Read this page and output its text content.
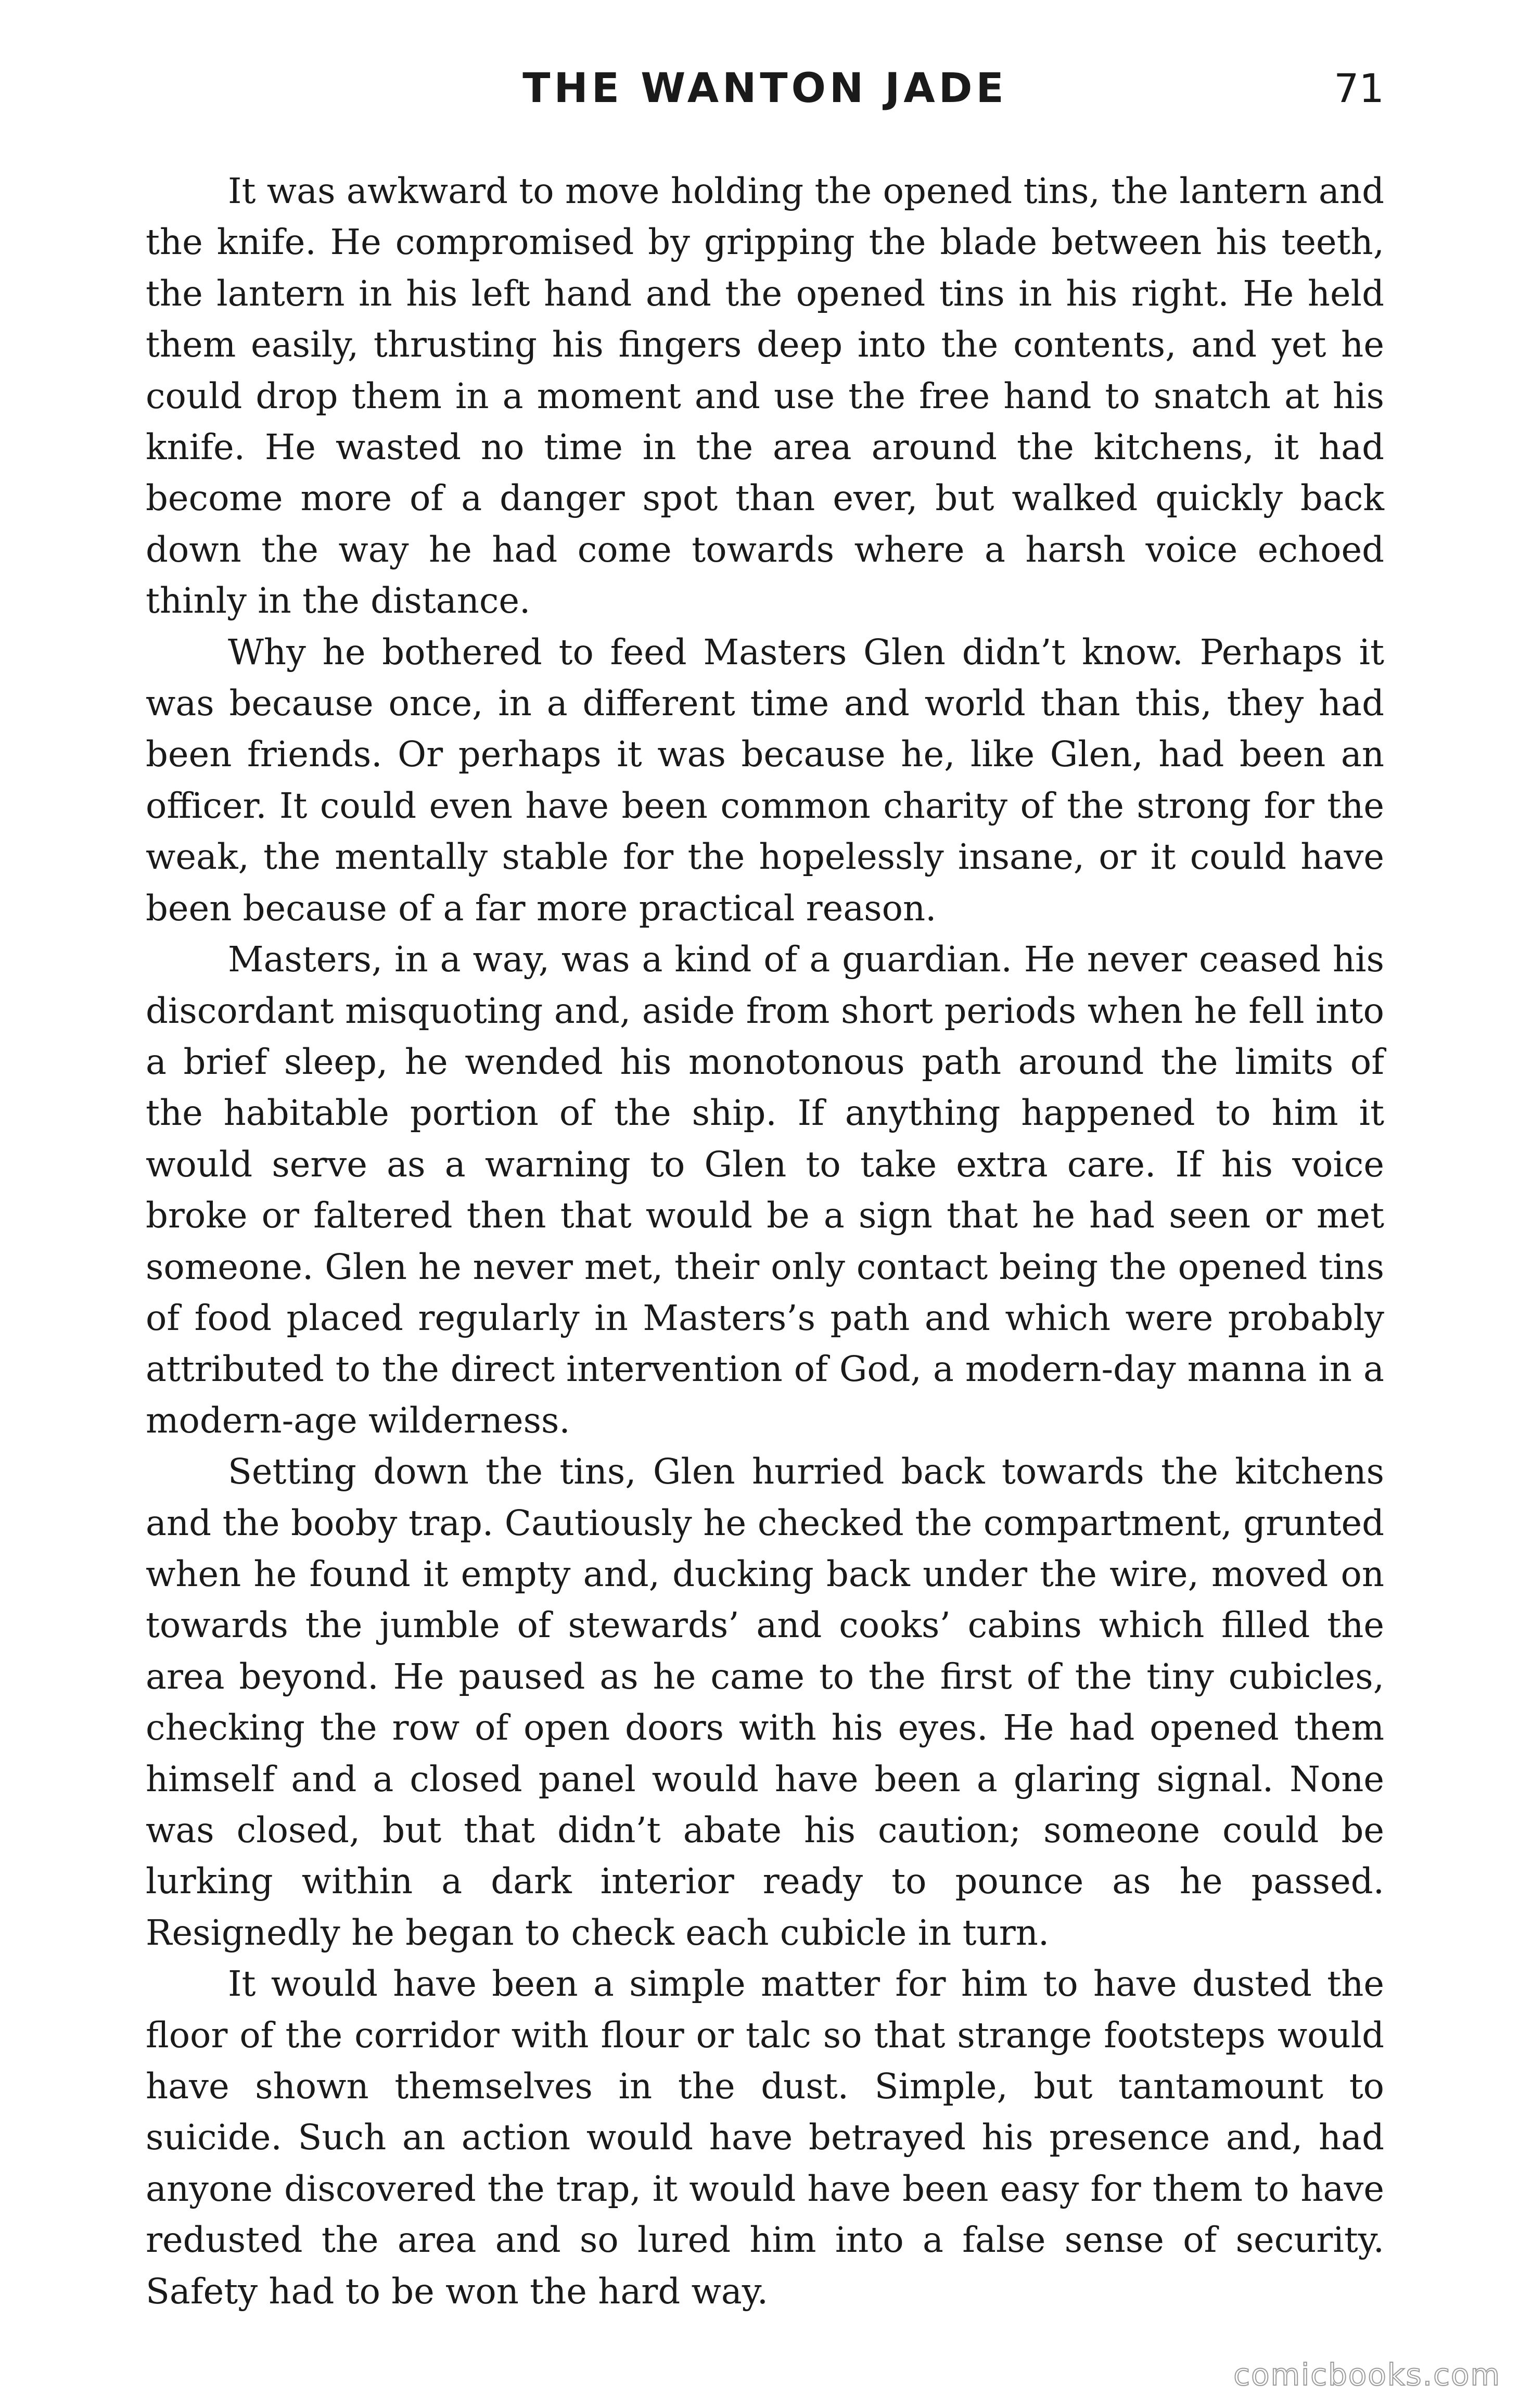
THE WANTON JADE	71

It was awkward to move holding the opened tins, the lantern and the knife. He compromised by gripping the blade between his teeth, the lantern in his left hand and the opened tins in his right. He held them easily, thrusting his fingers deep into the contents, and yet he could drop them in a moment and use the free hand to snatch at his knife. He wasted no time in the area around the kitchens, it had become more of a danger spot than ever, but walked quickly back down the way he had come towards where a harsh voice echoed thinly in the distance.

Why he bothered to feed Masters Glen didn’t know. Perhaps it was because once, in a different time and world than this, they had been friends. Or perhaps it was because he, like Glen, had been an officer. It could even have been common charity of the strong for the weak, the mentally stable for the hopelessly insane, or it could have been because of a far more practical reason.

Masters, in a way, was a kind of a guardian. He never ceased his discordant misquoting and, aside from short periods when he fell into a brief sleep, he wended his monotonous path around the limits of the habitable portion of the ship. If anything happened to him it would serve as a warning to Glen to take extra care. If his voice broke or faltered then that would be a sign that he had seen or met someone. Glen he never met, their only contact being the opened tins of food placed regularly in Masters’s path and which were probably attributed to the direct intervention of God, a modern-day manna in a modern-age wilderness.

Setting down the tins, Glen hurried back towards the kitchens and the booby trap. Cautiously he checked the compartment, grunted when he found it empty and, ducking back under the wire, moved on towards the jumble of stewards’ and cooks’ cabins which filled the area beyond. He paused as he came to the first of the tiny cubicles, checking the row of open doors with his eyes. He had opened them himself and a closed panel would have been a glaring signal. None was closed, but that didn’t abate his caution; someone could be lurking within a dark interior ready to pounce as he passed. Resignedly he began to check each cubicle in turn.

It would have been a simple matter for him to have dusted the floor of the corridor with flour or talc so that strange footsteps would have shown themselves in the dust. Simple, but tantamount to suicide. Such an action would have betrayed his presence and, had anyone discovered the trap, it would have been easy for them to have redusted the area and so lured him into a false sense of security. Safety had to be won the hard way.

comicbooks.com
